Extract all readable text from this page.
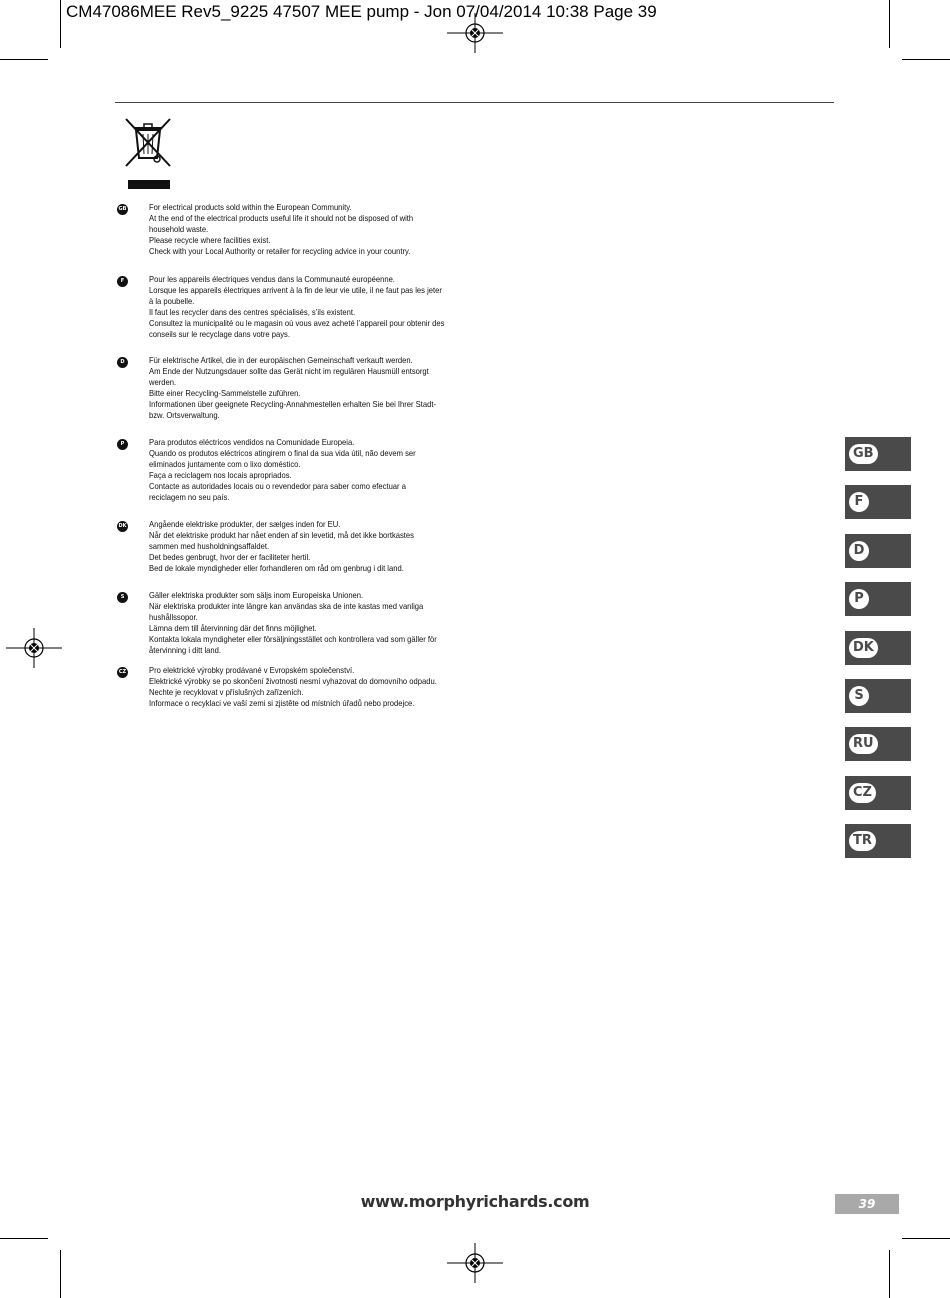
CM47086MEE Rev5_9225 47507 MEE pump - Jon 07/04/2014 10:38 Page 39
GB	For electrical products sold within the European Community.
At the end of the electrical products useful life it should not be disposed of with
household waste.
Please recycle where facilities exist.
Check with your Local Authority or retailer for recycling advice in your country.
F	Pour les appareils électriques vendus dans la Communauté européenne.
Lorsque les appareils électriques arrivent à la fin de leur vie utile, il ne faut pas les jeter
à la poubelle.
Il faut les recycler dans des centres spécialisés, s’ils existent.
Consultez la municipalité ou le magasin où vous avez acheté l’appareil pour obtenir des
conseils sur le recyclage dans votre pays.
D	Für elektrische Artikel, die in der europäischen Gemeinschaft verkauft werden.
Am Ende der Nutzungsdauer sollte das Gerät nicht im regulären Hausmüll entsorgt
werden.
Bitte einer Recycling-Sammelstelle zuführen.
Informationen über geeignete Recycling-Annahmestellen erhalten Sie bei Ihrer Stadt-
bzw. Ortsverwaltung.
P	Para produtos eléctricos vendidos na Comunidade Europeia.
Quando os produtos eléctricos atingirem o final da sua vida útil, não devem ser
eliminados juntamente com o lixo doméstico.
Faça a reciclagem nos locais apropriados.
Contacte as autoridades locais ou o revendedor para saber como efectuar a
reciclagem no seu país.
DK	Angående elektriske produkter, der sælges inden for EU.
Når det elektriske produkt har nået enden af sin levetid, må det ikke bortkastes
sammen med husholdningsaffaldet.
Det bedes genbrugt, hvor der er faciliteter hertil.
Bed de lokale myndigheder eller forhandleren om råd om genbrug i dit land.
S	Gäller elektriska produkter som säljs inom Europeiska Unionen.
När elektriska produkter inte längre kan användas ska de inte kastas med vanliga
hushållssopor.
Lämna dem till återvinning där det finns möjlighet.
Kontakta lokala myndigheter eller försäljningsstället och kontrollera vad som gäller för
återvinning i ditt land.
CZ	Pro elektrické výrobky prodávané v Evropském společenství.
Elektrické výrobky se po skončení životnosti nesmí vyhazovat do domovního odpadu.
Nechte je recyklovat v příslušných zařízeních.
Informace o recyklaci ve vaší zemi si zjistěte od místních úřadů nebo prodejce.
GB
F
D
P
DK
S
RU
CZ
TR
www.morphyrichards.com	39
